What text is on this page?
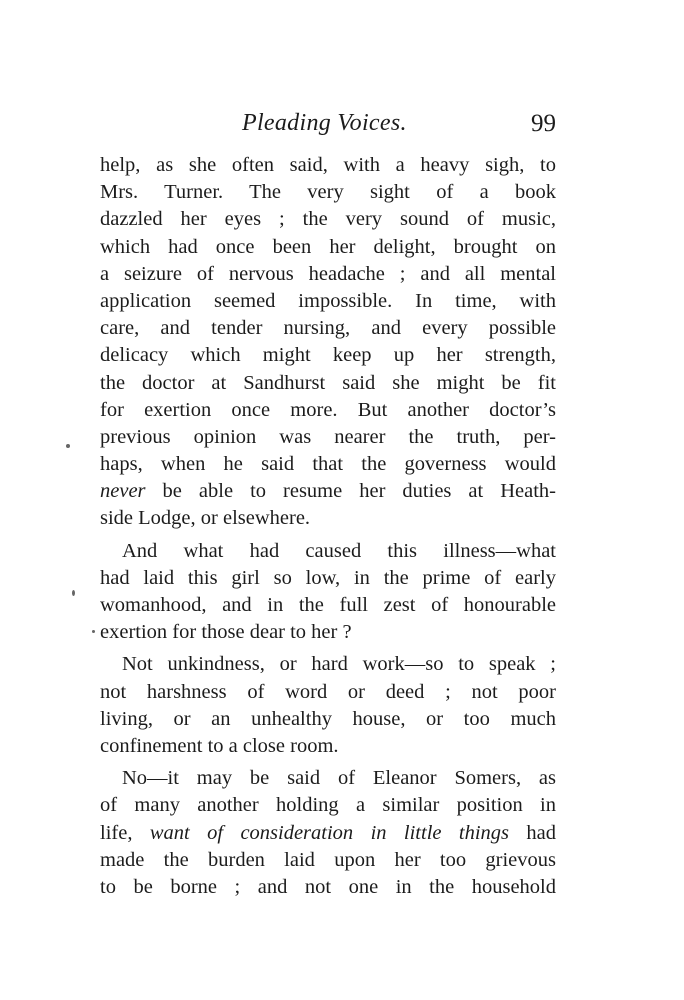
Pleading Voices.	99
help, as she often said, with a heavy sigh, to
Mrs. Turner. The very sight of a book
dazzled her eyes ; the very sound of music,
which had once been her delight, brought on
a seizure of nervous headache ; and all mental
application seemed impossible. In time, with
care, and tender nursing, and every possible
delicacy which might keep up her strength,
the doctor at Sandhurst said she might be fit
for exertion once more. But another doctor’s
previous opinion was nearer the truth, per-
haps, when he said that the governess would
never be able to resume her duties at Heath-
side Lodge, or elsewhere.
And what had caused this illness—what
had laid this girl so low, in the prime of early
womanhood, and in the full zest of honourable
exertion for those dear to her ?
Not unkindness, or hard work—so to speak ;
not harshness of word or deed ; not poor
living, or an unhealthy house, or too much
confinement to a close room.
No—it may be said of Eleanor Somers, as
of many another holding a similar position in
life, want of consideration in little things had
made the burden laid upon her too grievous
to be borne ; and not one in the household
